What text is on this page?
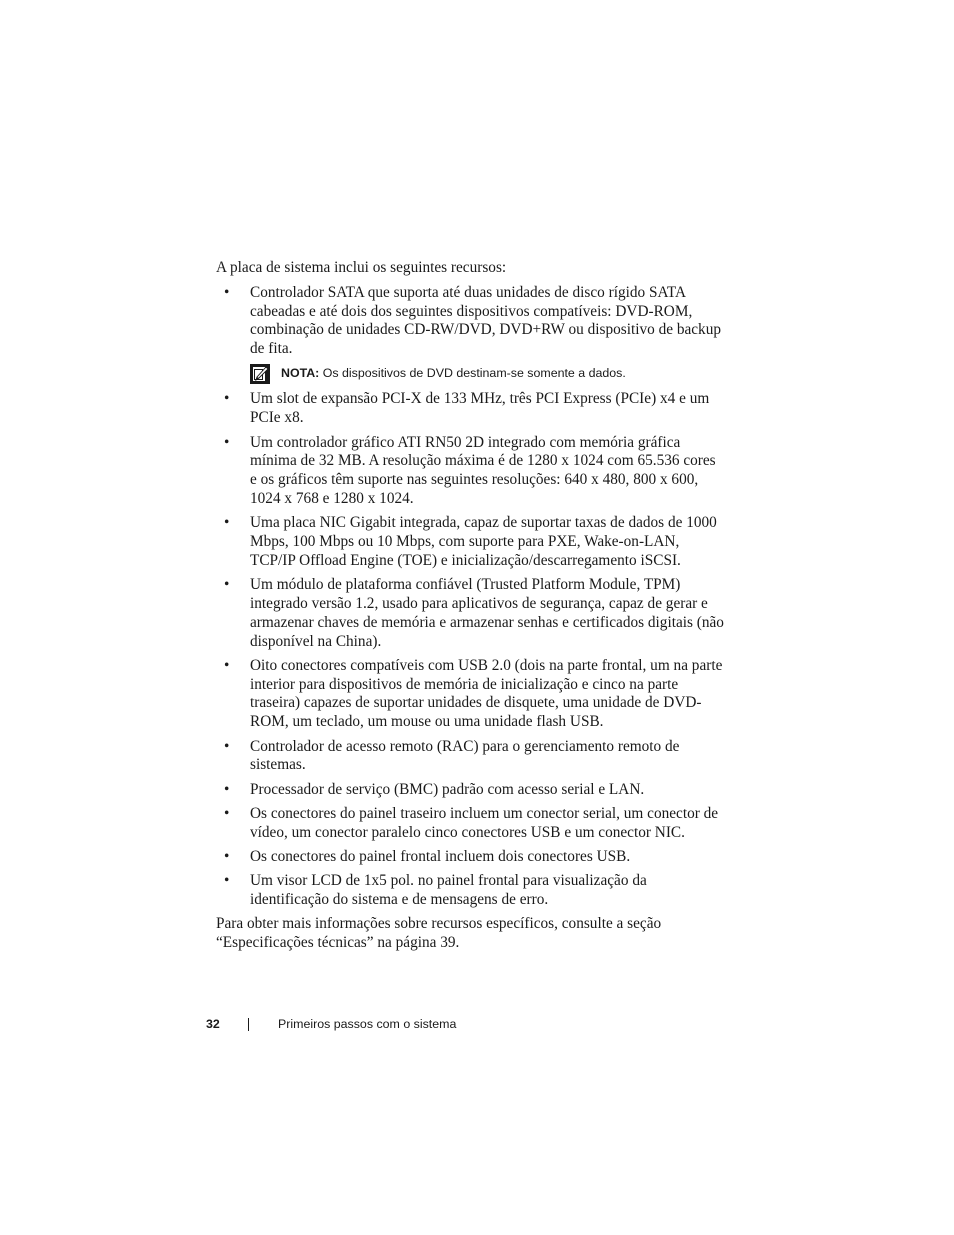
A placa de sistema inclui os seguintes recursos:

• Controlador SATA que suporta até duas unidades de disco rígido SATA cabeadas e até dois dos seguintes dispositivos compatíveis: DVD-ROM, combinação de unidades CD-RW/DVD, DVD+RW ou dispositivo de backup de fita.
NOTA: Os dispositivos de DVD destinam-se somente a dados.
• Um slot de expansão PCI-X de 133 MHz, três PCI Express (PCIe) x4 e um PCIe x8.
• Um controlador gráfico ATI RN50 2D integrado com memória gráfica mínima de 32 MB. A resolução máxima é de 1280 x 1024 com 65.536 cores e os gráficos têm suporte nas seguintes resoluções: 640 x 480, 800 x 600, 1024 x 768 e 1280 x 1024.
• Uma placa NIC Gigabit integrada, capaz de suportar taxas de dados de 1000 Mbps, 100 Mbps ou 10 Mbps, com suporte para PXE, Wake-on-LAN, TCP/IP Offload Engine (TOE) e inicialização/descarregamento iSCSI.
• Um módulo de plataforma confiável (Trusted Platform Module, TPM) integrado versão 1.2, usado para aplicativos de segurança, capaz de gerar e armazenar chaves de memória e armazenar senhas e certificados digitais (não disponível na China).
• Oito conectores compatíveis com USB 2.0 (dois na parte frontal, um na parte interior para dispositivos de memória de inicialização e cinco na parte traseira) capazes de suportar unidades de disquete, uma unidade de DVD-ROM, um teclado, um mouse ou uma unidade flash USB.
• Controlador de acesso remoto (RAC) para o gerenciamento remoto de sistemas.
• Processador de serviço (BMC) padrão com acesso serial e LAN.
• Os conectores do painel traseiro incluem um conector serial, um conector de vídeo, um conector paralelo cinco conectores USB e um conector NIC.
• Os conectores do painel frontal incluem dois conectores USB.
• Um visor LCD de 1x5 pol. no painel frontal para visualização da identificação do sistema e de mensagens de erro.

Para obter mais informações sobre recursos específicos, consulte a seção “Especificações técnicas” na página 39.

32	Primeiros passos com o sistema
